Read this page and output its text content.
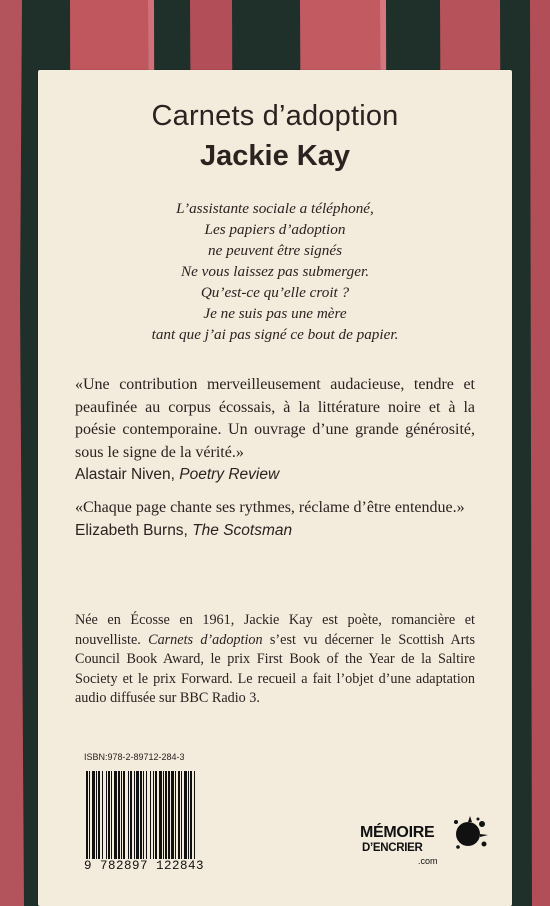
Carnets d’adoption
Jackie Kay
L’assistante sociale a téléphoné,
Les papiers d’adoption
ne peuvent être signés
Ne vous laissez pas submerger.
Qu’est-ce qu’elle croit ?
Je ne suis pas une mère
tant que j’ai pas signé ce bout de papier.
«Une contribution merveilleusement audacieuse, tendre et peaufinée au corpus écossais, à la littérature noire et à la poésie contemporaine. Un ouvrage d’une grande générosité, sous le signe de la vérité.»
Alastair Niven, Poetry Review
«Chaque page chante ses rythmes, réclame d’être entendue.»
Elizabeth Burns, The Scotsman
Née en Écosse en 1961, Jackie Kay est poète, romancière et nouvelliste. Carnets d’adoption s’est vu décerner le Scottish Arts Council Book Award, le prix First Book of the Year de la Saltire Society et le prix Forward. Le recueil a fait l’objet d’une adaptation audio diffusée sur BBC Radio 3.
ISBN:978-2-89712-284-3
9 782897 122843
MÉMOIRE
D’ENCRIER
.com
